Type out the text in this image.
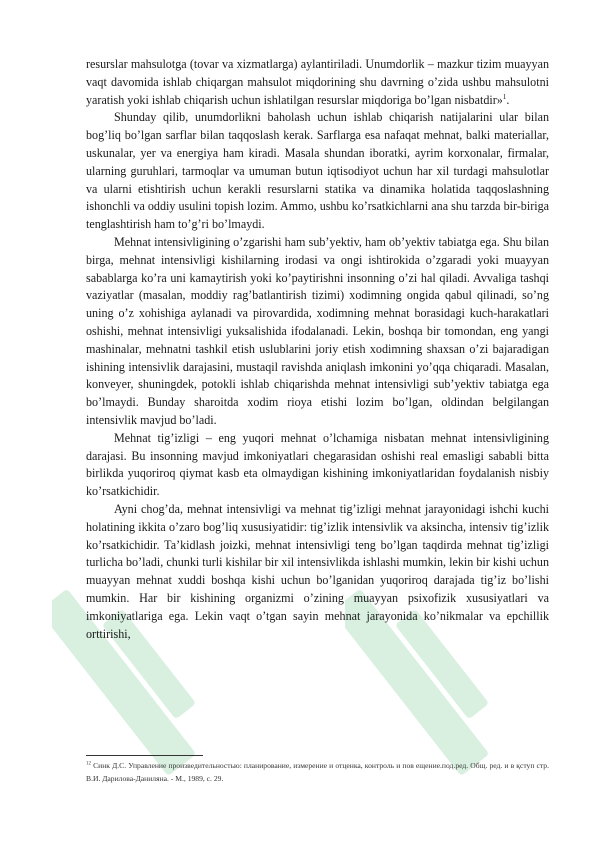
resurslar mahsulotga (tovar va xizmatlarga) aylantiriladi. Unumdorlik – mazkur tizim muayyan vaqt davomida ishlab chiqargan mahsulot miqdorining shu davrning o’zida ushbu mahsulotni yaratish yoki ishlab chiqarish uchun ishlatilgan resurslar miqdoriga bo’lgan nisbatdir»$^1$.

Shunday qilib, unumdorlikni baholash uchun ishlab chiqarish natijalarini ular bilan bog’liq bo’lgan sarflar bilan taqqoslash kerak. Sarflarga esa nafaqat mehnat, balki materiallar, uskunalar, yer va energiya ham kiradi. Masala shundan iboratki, ayrim korxonalar, firmalar, ularning guruhlari, tarmoqlar va umuman butun iqtisodiyot uchun har xil turdagi mahsulotlar va ularni etishtirish uchun kerakli resurslarni statika va dinamika holatida taqqoslashning ishonchli va oddiy usulini topish lozim. Ammo, ushbu ko’rsatkichlarni ana shu tarzda bir-biriga tenglashtirish ham to’g’ri bo’lmaydi.

Mehnat intensivligining o’zgarishi ham sub’yektiv, ham ob’yektiv tabiatga ega. Shu bilan birga, mehnat intensivligi kishilarning irodasi va ongi ishtirokida o’zgaradi yoki muayyan sabablarga ko’ra uni kamaytirish yoki ko’paytirishni insonning o’zi hal qiladi. Avvaliga tashqi vaziyatlar (masalan, moddiy rag’batlantirish tizimi) xodimning ongida qabul qilinadi, so’ng uning o’z xohishiga aylanadi va pirovardida, xodimning mehnat borasidagi kuch-harakatlari oshishi, mehnat intensivligi yuksalishida ifodalanadi. Lekin, boshqa bir tomondan, eng yangi mashinalar, mehnatni tashkil etish uslublarini joriy etish xodimning shaxsan o’zi bajaradigan ishining intensivlik darajasini, mustaqil ravishda aniqlash imkonini yo’qqa chiqaradi. Masalan, konveyer, shuningdek, potokli ishlab chiqarishda mehnat intensivligi sub’yektiv tabiatga ega bo’lmaydi. Bunday sharoitda xodim rioya etishi lozim bo’lgan, oldindan belgilangan intensivlik mavjud bo’ladi.

Mehnat tig’izligi – eng yuqori mehnat o’lchamiga nisbatan mehnat intensivligining darajasi. Bu insonning mavjud imkoniyatlari chegarasidan oshishi real emasligi sababli bitta birlikda yuqoriroq qiymat kasb eta olmaydigan kishining imkoniyatlaridan foydalanish nisbiy ko’rsatkichidir.

Ayni chog’da, mehnat intensivligi va mehnat tig’izligi mehnat jarayonidagi ishchi kuchi holatining ikkita o’zaro bog’liq xususiyatidir: tig’izlik intensivlik va aksincha, intensiv tig’izlik ko’rsatkichidir. Ta’kidlash joizki, mehnat intensivligi teng bo’lgan taqdirda mehnat tig’izligi turlicha bo’ladi, chunki turli kishilar bir xil intensivlikda ishlashi mumkin, lekin bir kishi uchun muayyan mehnat xuddi boshqa kishi uchun bo’lganidan yuqoriroq darajada tig’iz bo’lishi mumkin. Har bir kishining organizmi o’zining muayyan psixofizik xususiyatlari va imkoniyatlariga ega. Lekin vaqt o’tgan sayin mehnat jarayonida ko’nikmalar va epchillik orttirishi,

$^{12}$ Синк Д.С. Управление произведительностью: планирование, измерение и отценка, контроль и пов ещение.под.ред. Общ. ред. и в қступ стр. В.И. Дарилова-Даниляна. - М., 1989, с. 29.
